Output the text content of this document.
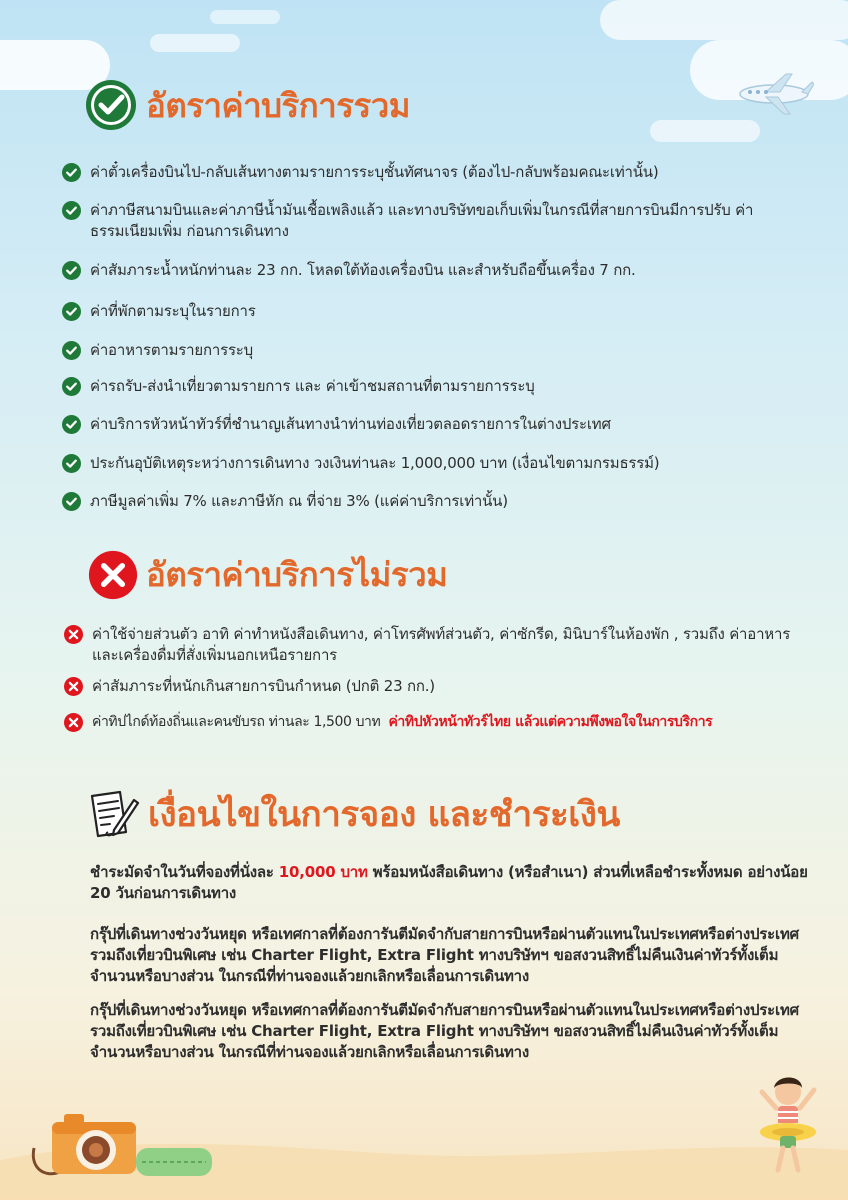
อัตราค่าบริการรวม
ค่าตั๋วเครื่องบินไป-กลับเส้นทางตามรายการระบุชั้นทัศนาจร (ต้องไป-กลับพร้อมคณะเท่านั้น)
ค่าภาษีสนามบินและค่าภาษีน้ำมันเชื้อเพลิงแล้ว และทางบริษัทขอเก็บเพิ่มในกรณีที่สายการบินมีการปรับ ค่าธรรมเนียมเพิ่ม ก่อนการเดินทาง
ค่าสัมภาระน้ำหนักท่านละ 23 กก. โหลดใต้ท้องเครื่องบิน และสำหรับถือขึ้นเครื่อง 7 กก.
ค่าที่พักตามระบุในรายการ
ค่าอาหารตามรายการระบุ
ค่ารถรับ-ส่งนำเที่ยวตามรายการ และ ค่าเข้าชมสถานที่ตามรายการระบุ
ค่าบริการหัวหน้าทัวร์ที่ชำนาญเส้นทางนำท่านท่องเที่ยวตลอดรายการในต่างประเทศ
ประกันอุบัติเหตุระหว่างการเดินทาง วงเงินท่านละ 1,000,000 บาท (เงื่อนไขตามกรมธรรม์)
ภาษีมูลค่าเพิ่ม 7% และภาษีหัก ณ ที่จ่าย 3% (แค่ค่าบริการเท่านั้น)
อัตราค่าบริการไม่รวม
ค่าใช้จ่ายส่วนตัว อาทิ ค่าทำหนังสือเดินทาง, ค่าโทรศัพท์ส่วนตัว, ค่าซักรีด, มินิบาร์ในห้องพัก , รวมถึง ค่าอาหารและเครื่องดื่มที่สั่งเพิ่มนอกเหนือรายการ
ค่าสัมภาระที่หนักเกินสายการบินกำหนด (ปกติ 23 กก.)
ค่าทิปไกด์ท้องถิ่นและคนขับรถ ท่านละ 1,500 บาท ค่าทิปหัวหน้าทัวร์ไทย แล้วแต่ความพึงพอใจในการบริการ
เงื่อนไขในการจอง และชำระเงิน
ชำระมัดจำในวันที่จองที่นั่งละ 10,000 บาท พร้อมหนังสือเดินทาง (หรือสำเนา) ส่วนที่เหลือชำระทั้งหมด อย่างน้อย 20 วันก่อนการเดินทาง
กรุ๊ปที่เดินทางช่วงวันหยุด หรือเทศกาลที่ต้องการันตีมัดจำกับสายการบินหรือผ่านตัวแทนในประเทศหรือต่างประเทศ รวมถึงเที่ยวบินพิเศษ เช่น Charter Flight, Extra Flight ทางบริษัทฯ ขอสงวนสิทธิ์ไม่คืนเงินค่าทัวร์ทั้งเต็มจำนวนหรือบางส่วน ในกรณีที่ท่านจองแล้วยกเลิกหรือเลื่อนการเดินทาง
กรุ๊ปที่เดินทางช่วงวันหยุด หรือเทศกาลที่ต้องการันตีมัดจำกับสายการบินหรือผ่านตัวแทนในประเทศหรือต่างประเทศ รวมถึงเที่ยวบินพิเศษ เช่น Charter Flight, Extra Flight ทางบริษัทฯ ขอสงวนสิทธิ์ไม่คืนเงินค่าทัวร์ทั้งเต็มจำนวนหรือบางส่วน ในกรณีที่ท่านจองแล้วยกเลิกหรือเลื่อนการเดินทาง
